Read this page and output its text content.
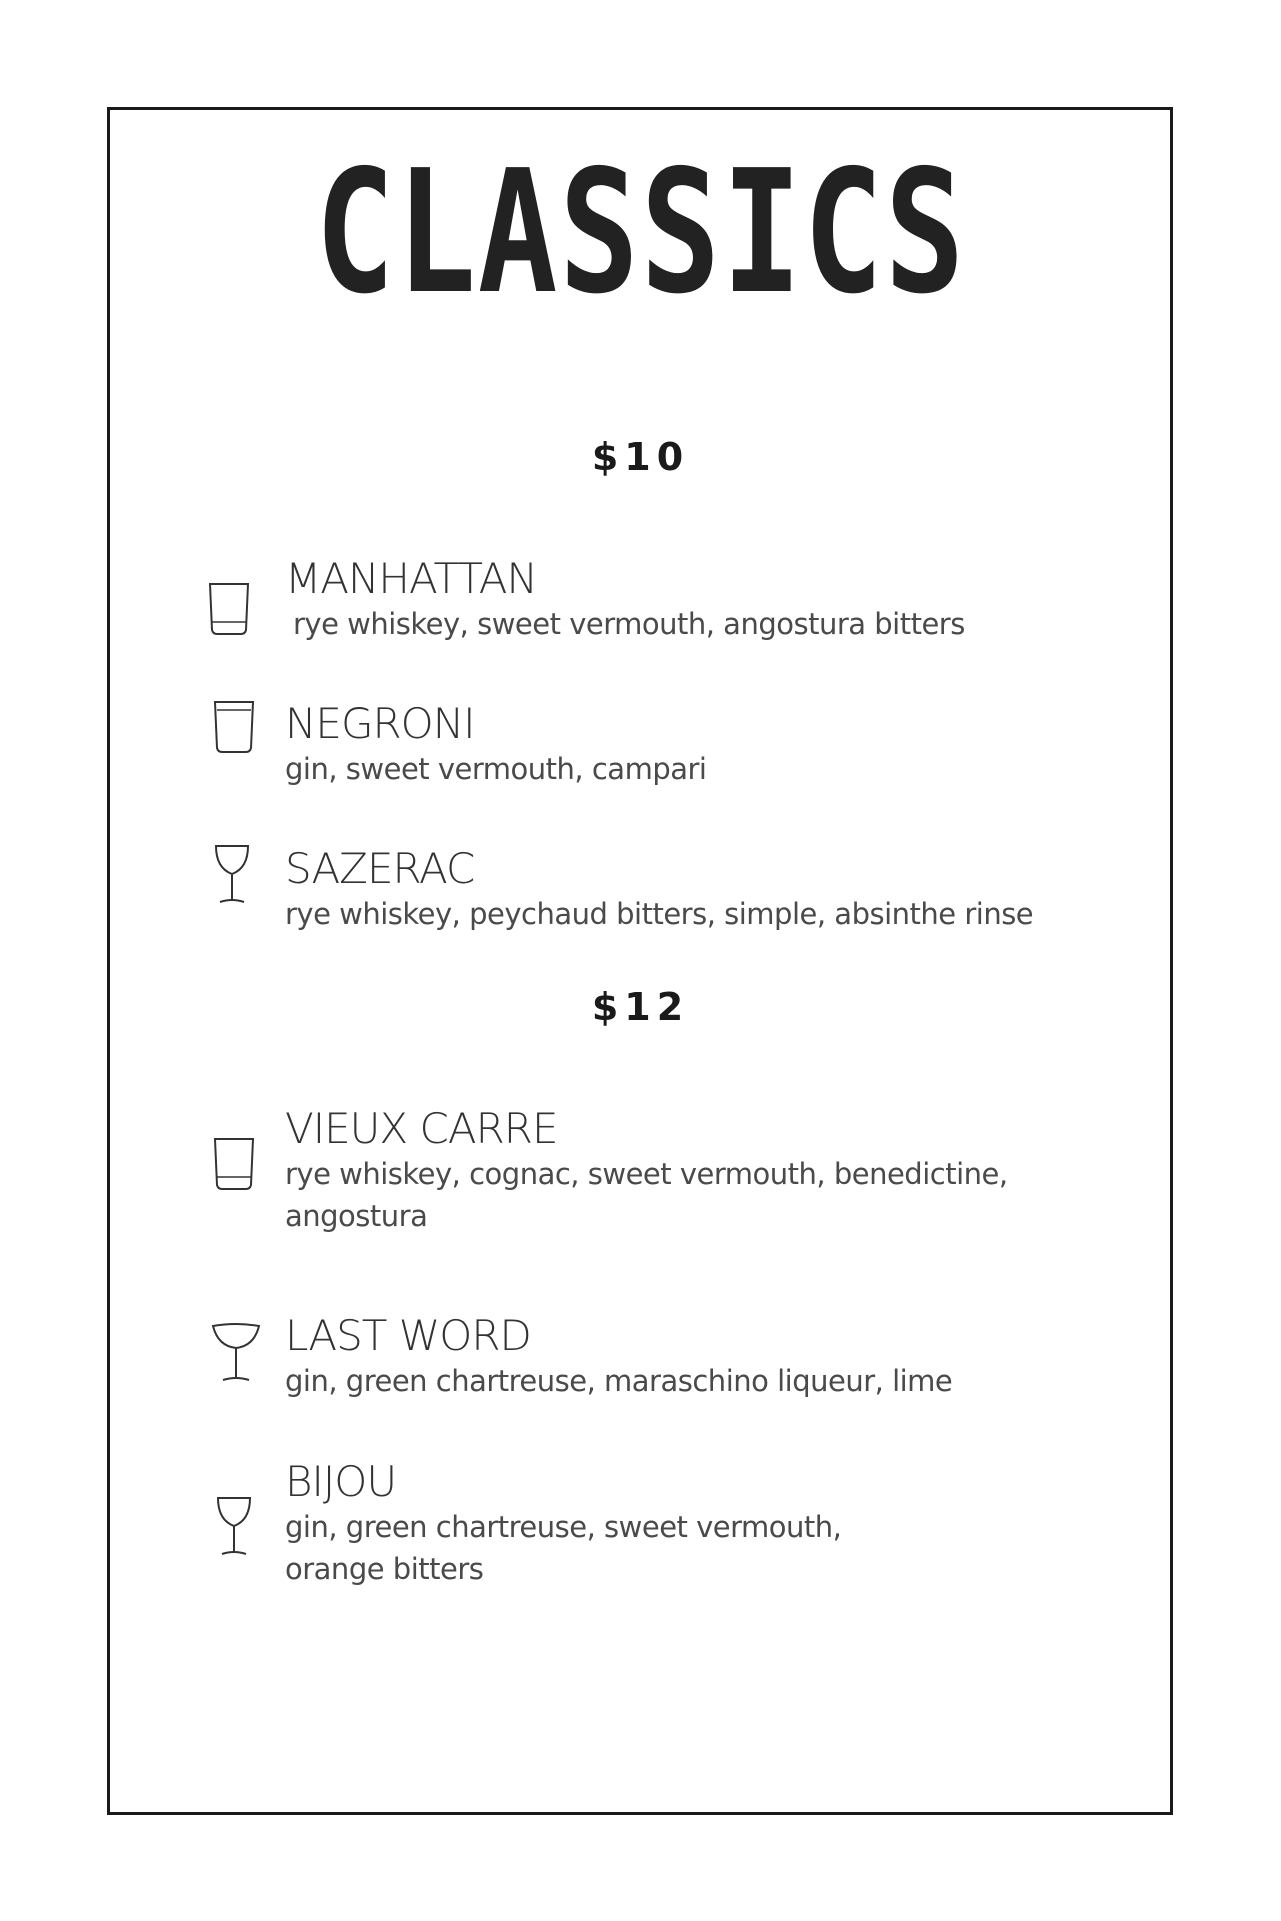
CLASSICS
$10
MANHATTAN
rye whiskey, sweet vermouth, angostura bitters
NEGRONI
gin, sweet vermouth, campari
SAZERAC
rye whiskey, peychaud bitters, simple, absinthe rinse
$12
VIEUX CARRE
rye whiskey, cognac, sweet vermouth, benedictine,
angostura
LAST WORD
gin, green chartreuse, maraschino liqueur, lime
BIJOU
gin, green chartreuse, sweet vermouth,
orange bitters
